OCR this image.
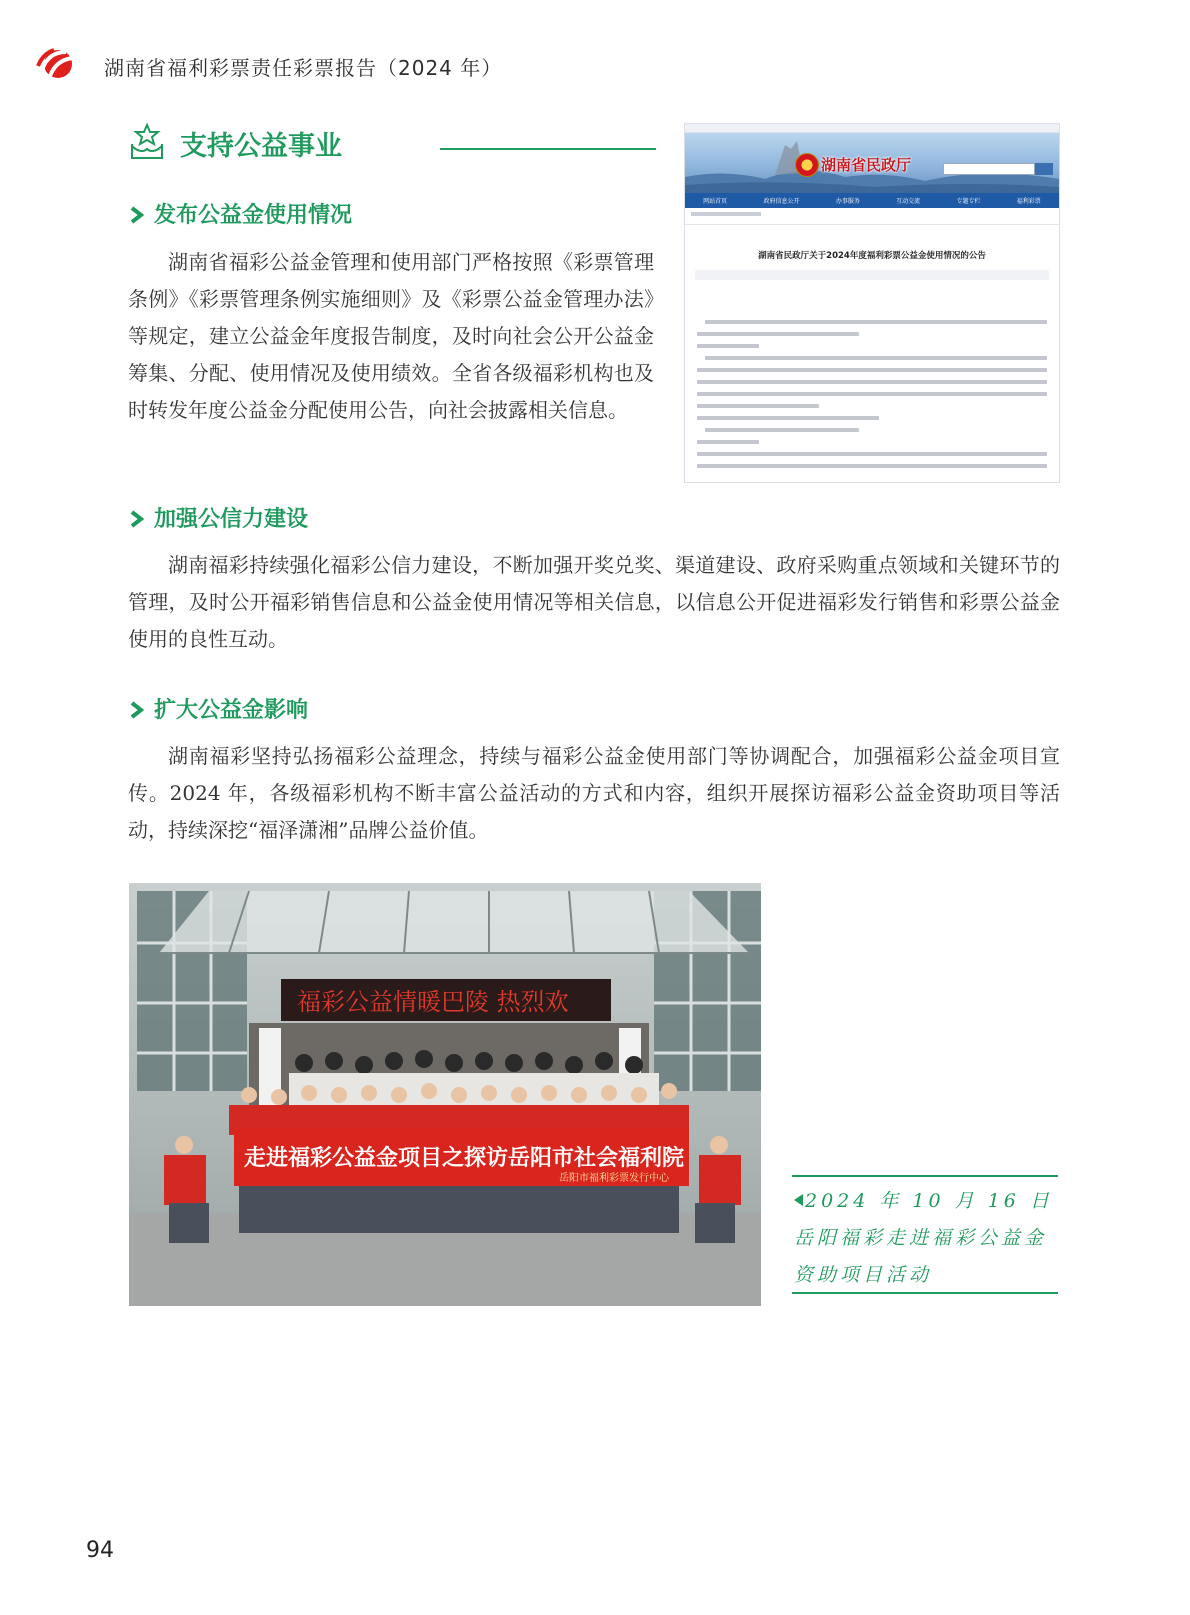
湖南省福利彩票责任彩票报告（2024 年）
支持公益事业
发布公益金使用情况

湖南省福彩公益金管理和使用部门严格按照《彩票管理条例》《彩票管理条例实施细则》及《彩票公益金管理办法》等规定，建立公益金年度报告制度，及时向社会公开公益金筹集、分配、使用情况及使用绩效。全省各级福彩机构也及时转发年度公益金分配使用公告，向社会披露相关信息。

湖南省民政厅
网站首页	政府信息公开	办事服务	互动交流	专题专栏	福利彩票
湖南省民政厅关于2024年度福利彩票公益金使用情况的公告
加强公信力建设

湖南福彩持续强化福彩公信力建设，不断加强开奖兑奖、渠道建设、政府采购重点领域和关键环节的管理，及时公开福彩销售信息和公益金使用情况等相关信息，以信息公开促进福彩发行销售和彩票公益金使用的良性互动。

扩大公益金影响

湖南福彩坚持弘扬福彩公益理念，持续与福彩公益金使用部门等协调配合，加强福彩公益金项目宣传。2024 年，各级福彩机构不断丰富公益活动的方式和内容，组织开展探访福彩公益金资助项目等活动，持续深挖“福泽潇湘”品牌公益价值。

福彩公益情暖巴陵 热烈欢
走进福彩公益金项目之探访岳阳市社会福利院
岳阳市福利彩票发行中心
2024 年 10 月 16 日岳阳福彩走进福彩公益金资助项目活动
94
